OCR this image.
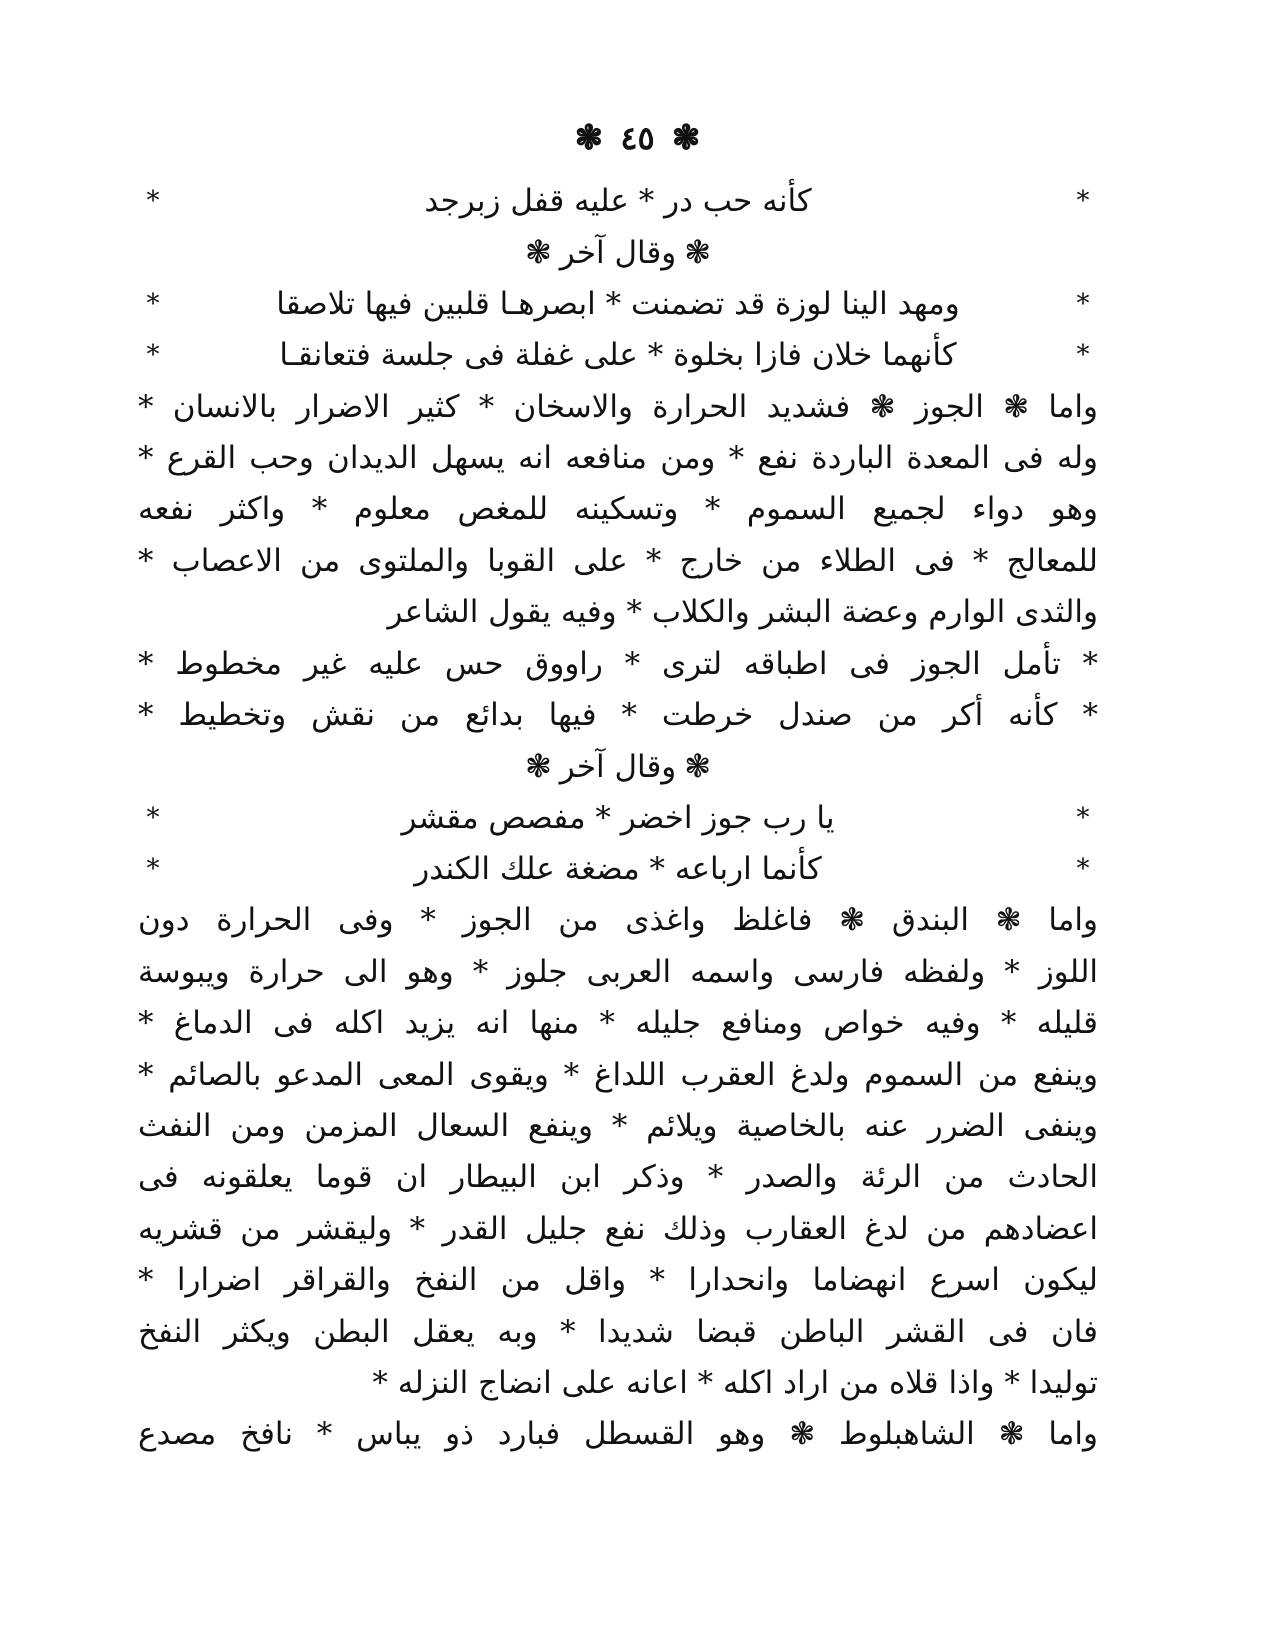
❃ ٤٥ ❃
*
كأنه حب در * عليه قفل زبرجد
*
❃وقال آخر❃
*
ومهد الينا لوزة قد تضمنت * ابصرهـا قلبين فيها تلاصقا
*
*
كأنهما خلان فازا بخلوة * على غفلة فى جلسة فتعانقـا
*
واما ❃ الجوز ❃ فشديد الحرارة والاسخان * كثير الاضرار بالانسان *
وله فى المعدة الباردة نفع * ومن منافعه انه يسهل الديدان وحب القرع *
وهو دواء لجميع السموم * وتسكينه للمغص معلوم * واكثر نفعه
للمعالج * فى الطلاء من خارج * على القوبا والملتوى من الاعصاب *
والثدى الوارم وعضة البشر والكلاب * وفيه يقول الشاعر
* تأمل الجوز فى اطباقه لترى * راووق حس عليه غير مخطوط *
* كأنه أكر من صندل خرطت * فيها بدائع من نقش وتخطيط *
❃وقال آخر❃
*
يا رب جوز اخضر * مفصص مقشر
*
*
كأنما ارباعه * مضغة علك الكندر
*
واما ❃ البندق ❃ فاغلظ واغذى من الجوز * وفى الحرارة دون
اللوز * ولفظه فارسى واسمه العربى جلوز * وهو الى حرارة ويبوسة
قليله * وفيه خواص ومنافع جليله * منها انه يزيد اكله فى الدماغ *
وينفع من السموم ولدغ العقرب اللداغ * ويقوى المعى المدعو بالصائم *
وينفى الضرر عنه بالخاصية ويلائم * وينفع السعال المزمن ومن النفث
الحادث من الرئة والصدر * وذكر ابن البيطار ان قوما يعلقونه فى
اعضادهم من لدغ العقارب وذلك نفع جليل القدر * وليقشر من قشريه
ليكون اسرع انهضاما وانحدارا * واقل من النفخ والقراقر اضرارا *
فان فى القشر الباطن قبضا شديدا * وبه يعقل البطن ويكثر النفخ
توليدا * واذا قلاه من اراد اكله * اعانه على انضاج النزله *
واما ❃ الشاهبلوط ❃ وهو القسطل فبارد ذو يباس * نافخ مصدع
